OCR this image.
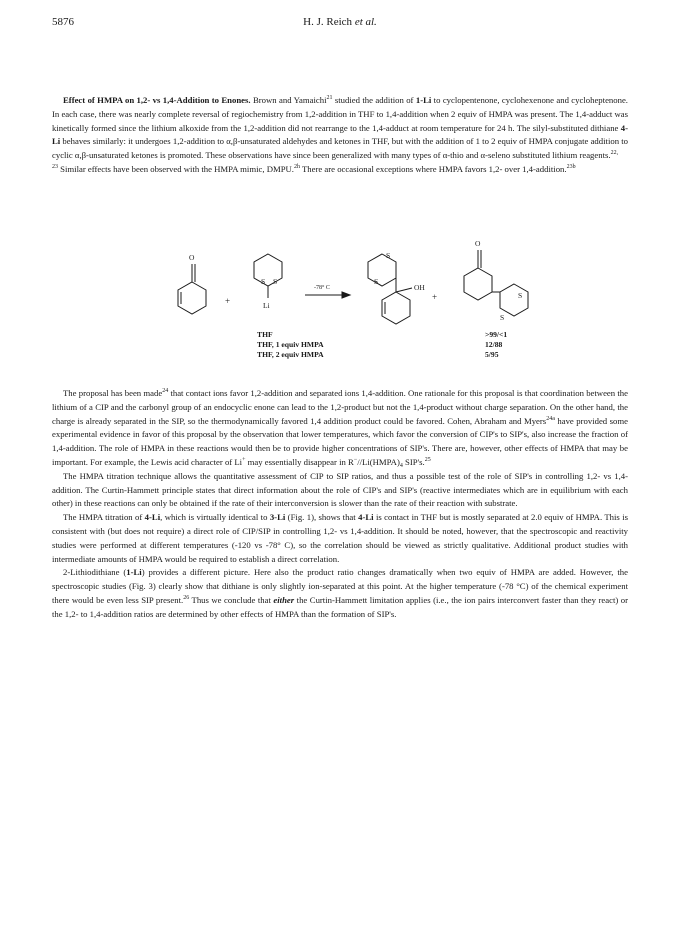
5876	H. J. Reich et al.

Effect of HMPA on 1,2- vs 1,4-Addition to Enones. Brown and Yamaichi$^{21}$ studied the addition of 1-Li to cyclopentenone, cyclohexenone and cycloheptenone. In each case, there was nearly complete reversal of regiochemistry from 1,2-addition in THF to 1,4-addition when 2 equiv of HMPA was present. The 1,4-adduct was kinetically formed since the lithium alkoxide from the 1,2-addition did not rearrange to the 1,4-adduct at room temperature for 24 h. The silyl-substituted dithiane 4-Li behaves similarly: it undergoes 1,2-addition to α,β-unsaturated aldehydes and ketones in THF, but with the addition of 1 to 2 equiv of HMPA conjugate addition to cyclic α,β-unsaturated ketones is promoted. These observations have since been generalized with many types of α-thio and α-seleno substituted lithium reagents.$^{22,}$
$^{23}$ Similar effects have been observed with the HMPA mimic, DMPU.$^{2h}$ There are occasional exceptions where HMPA favors 1,2- over 1,4-addition.$^{23b}$

S S
Li
O
S
S
OH
O
S
S
+	+
-78° C
THF	>99/<1
THF, 1 equiv HMPA	12/88
THF, 2 equiv HMPA	5/95

The proposal has been made$^{24}$ that contact ions favor 1,2-addition and separated ions 1,4-addition. One rationale for this proposal is that coordination between the lithium of a CIP and the carbonyl group of an endocyclic enone can lead to the 1,2-product but not the 1,4-product without charge separation. On the other hand, the charge is already separated in the SIP, so the thermodynamically favored 1,4 addition product could be favored. Cohen, Abraham and Myers$^{24a}$ have provided some experimental evidence in favor of this proposal by the observation that lower temperatures, which favor the conversion of CIP's to SIP's, also increase the fraction of 1,4-addition. The role of HMPA in these reactions would then be to provide higher concentrations of SIP's. There are, however, other effects of HMPA that may be important. For example, the Lewis acid character of Li+ may essentially disappear in $R^-//Li(HMPA)_4$ SIP's.$^{25}$

The HMPA titration technique allows the quantitative assessment of CIP to SIP ratios, and thus a possible test of the role of SIP's in controlling 1,2- vs 1,4-addition. The Curtin-Hammett principle states that direct information about the role of CIP's and SIP's (reactive intermediates which are in equilibrium with each other) in these reactions can only be obtained if the rate of their interconversion is slower than the rate of their reaction with substrate.

The HMPA titration of 4-Li, which is virtually identical to 3-Li (Fig. 1), shows that 4-Li is contact in THF but is mostly separated at 2.0 equiv of HMPA. This is consistent with (but does not require) a direct role of CIP/SIP in controlling 1,2- vs 1,4-addition. It should be noted, however, that the spectroscopic and reactivity studies were performed at different temperatures (-120 vs -78° C), so the correlation should be viewed as strictly qualitative. Additional product studies with intermediate amounts of HMPA would be required to establish a direct correlation.

2-Lithiodithiane (1-Li) provides a different picture. Here also the product ratio changes dramatically when two equiv of HMPA are added. However, the spectroscopic studies (Fig. 3) clearly show that dithiane is only slightly ion-separated at this point. At the higher temperature (-78 °C) of the chemical experiment there would be even less SIP present.$^{26}$ Thus we conclude that either the Curtin-Hammett limitation applies (i.e., the ion pairs interconvert faster than they react) or the 1,2- to 1,4-addition ratios are determined by other effects of HMPA than the formation of SIP's.
